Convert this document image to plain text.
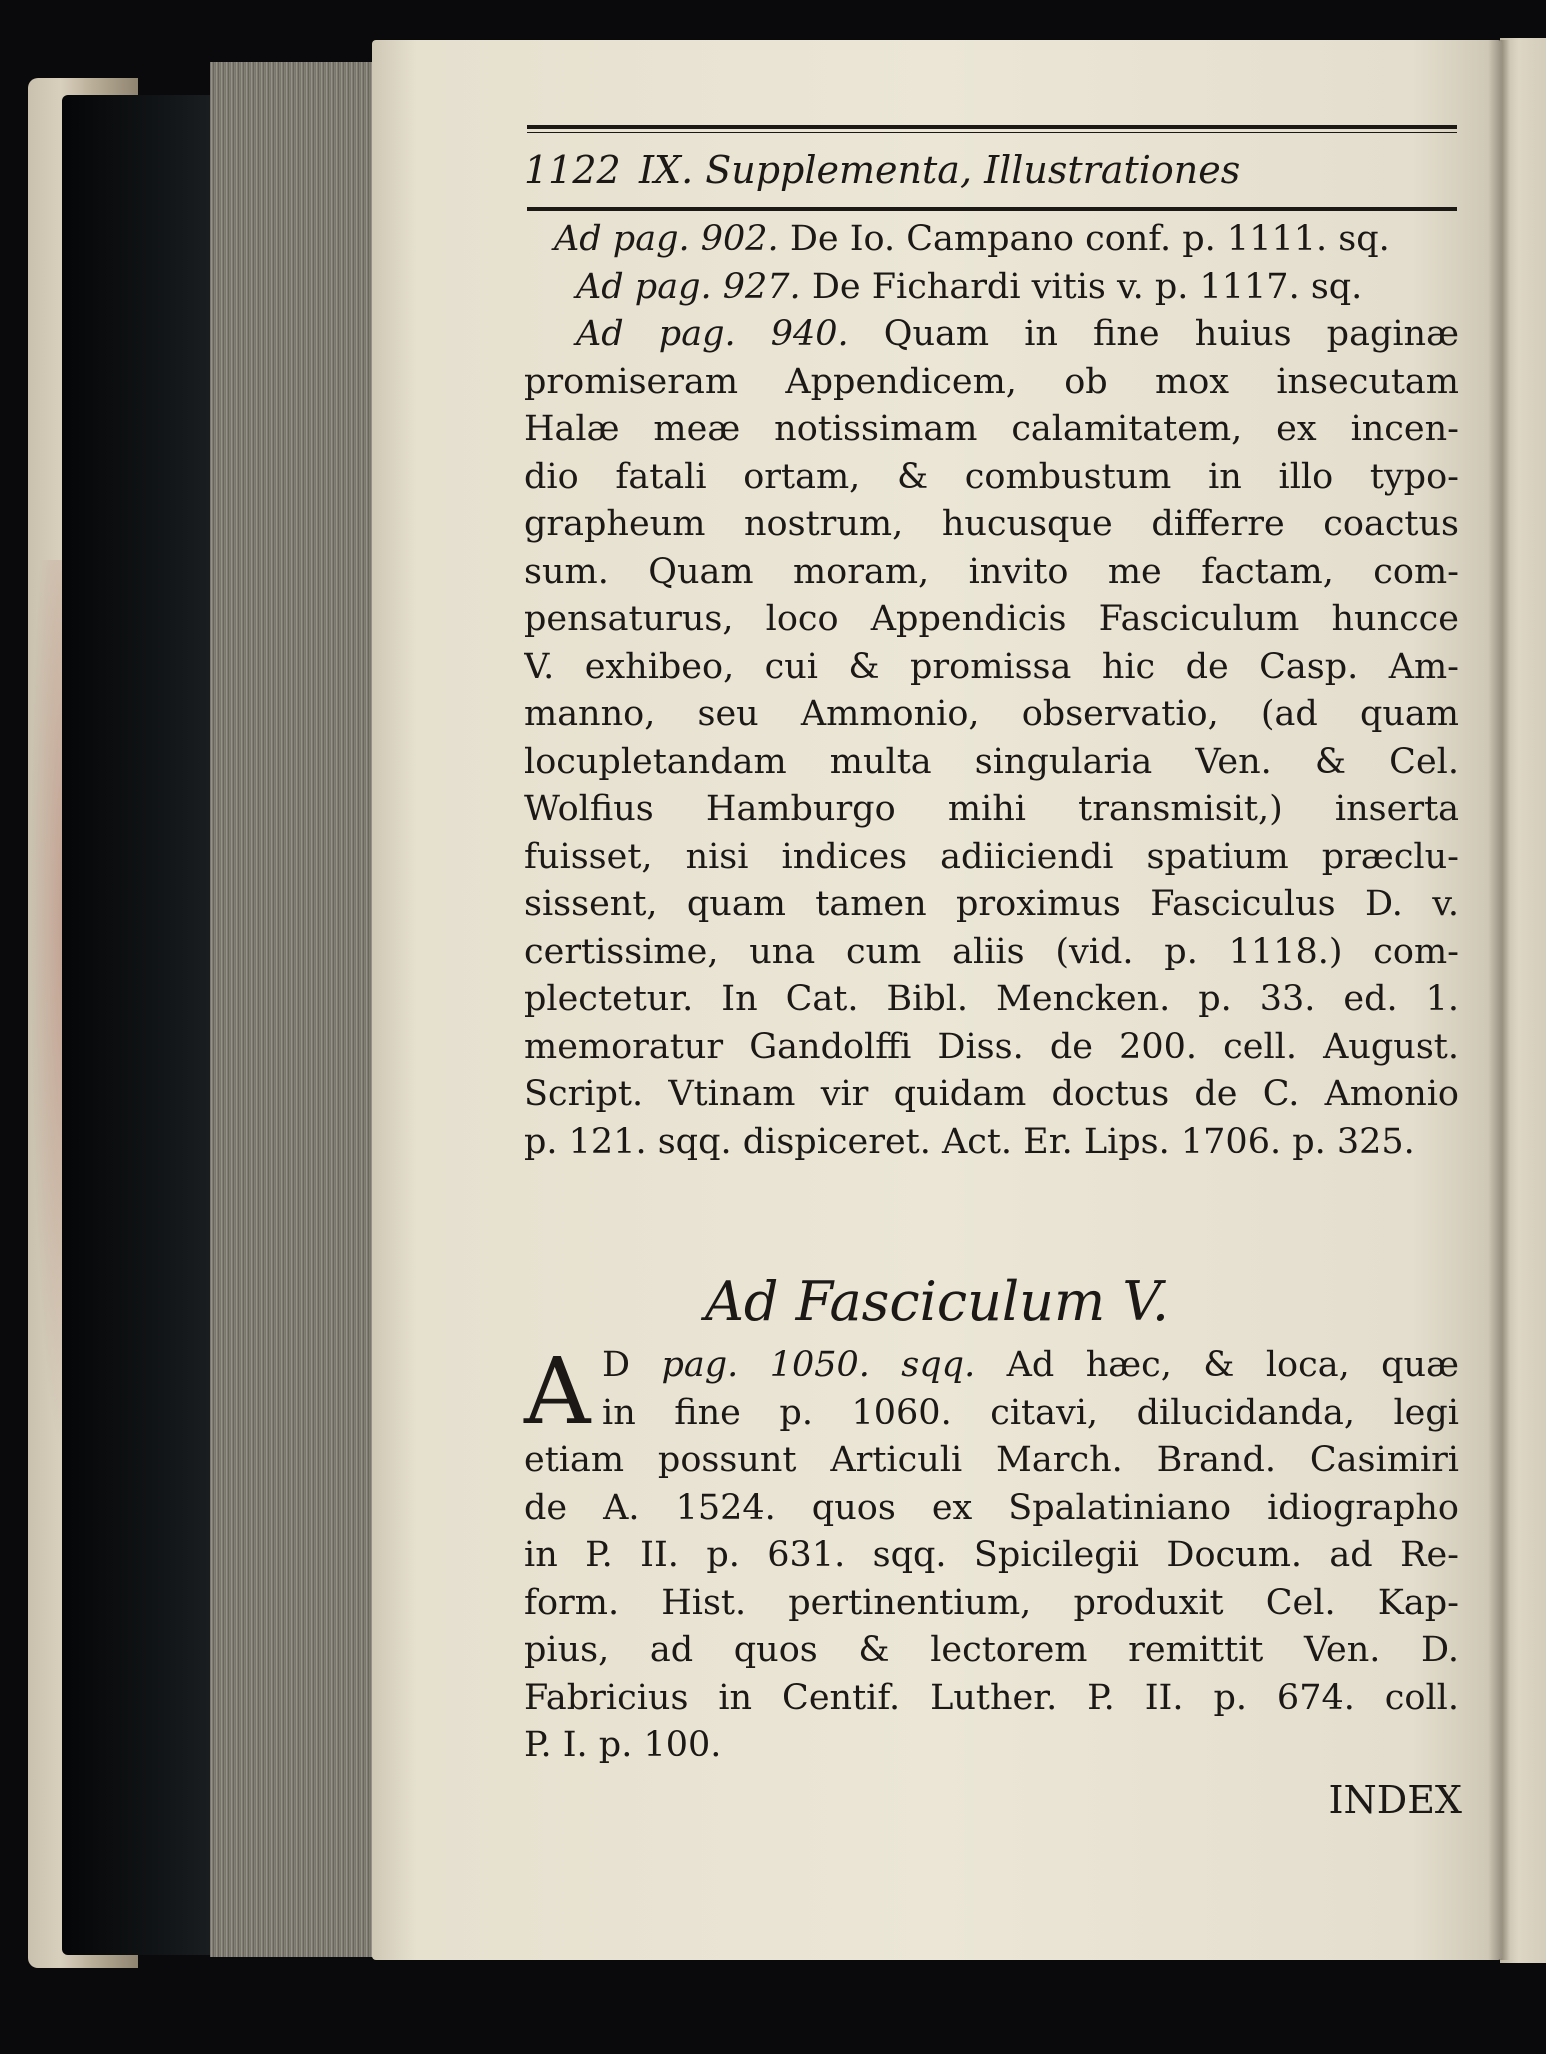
1122 IX. Supplementa, Illustrationes
Ad pag. 902. De Io. Campano conf. p. 1111. sq.
Ad pag. 927. De Fichardi vitis v. p. 1117. sq.
Ad pag. 940. Quam in fine huius paginæ
promiseram Appendicem, ob mox insecutam
Halæ meæ notissimam calamitatem, ex incen-
dio fatali ortam, & combustum in illo typo-
grapheum nostrum, hucusque differre coactus
sum. Quam moram, invito me factam, com-
pensaturus, loco Appendicis Fasciculum huncce
V. exhibeo, cui & promissa hic de Casp. Am-
manno, seu Ammonio, observatio, (ad quam
locupletandam multa singularia Ven. & Cel.
Wolfius Hamburgo mihi transmisit,) inserta
fuisset, nisi indices adiiciendi spatium præclu-
sissent, quam tamen proximus Fasciculus D. v.
certissime, una cum aliis (vid. p. 1118.) com-
plectetur. In Cat. Bibl. Mencken. p. 33. ed. 1.
memoratur Gandolffi Diss. de 200. cell. August.
Script. Vtinam vir quidam doctus de C. Amonio
p. 121. sqq. dispiceret. Act. Er. Lips. 1706. p. 325.
Ad Fasciculum V.
A D pag. 1050. sqq. Ad hæc, & loca, quæ
in fine p. 1060. citavi, dilucidanda, legi
etiam possunt Articuli March. Brand. Casimiri
de A. 1524. quos ex Spalatiniano idiographo
in P. II. p. 631. sqq. Spicilegii Docum. ad Re-
form. Hist. pertinentium, produxit Cel. Kap-
pius, ad quos & lectorem remittit Ven. D.
Fabricius in Centif. Luther. P. II. p. 674. coll.
P. I. p. 100.
INDEX
